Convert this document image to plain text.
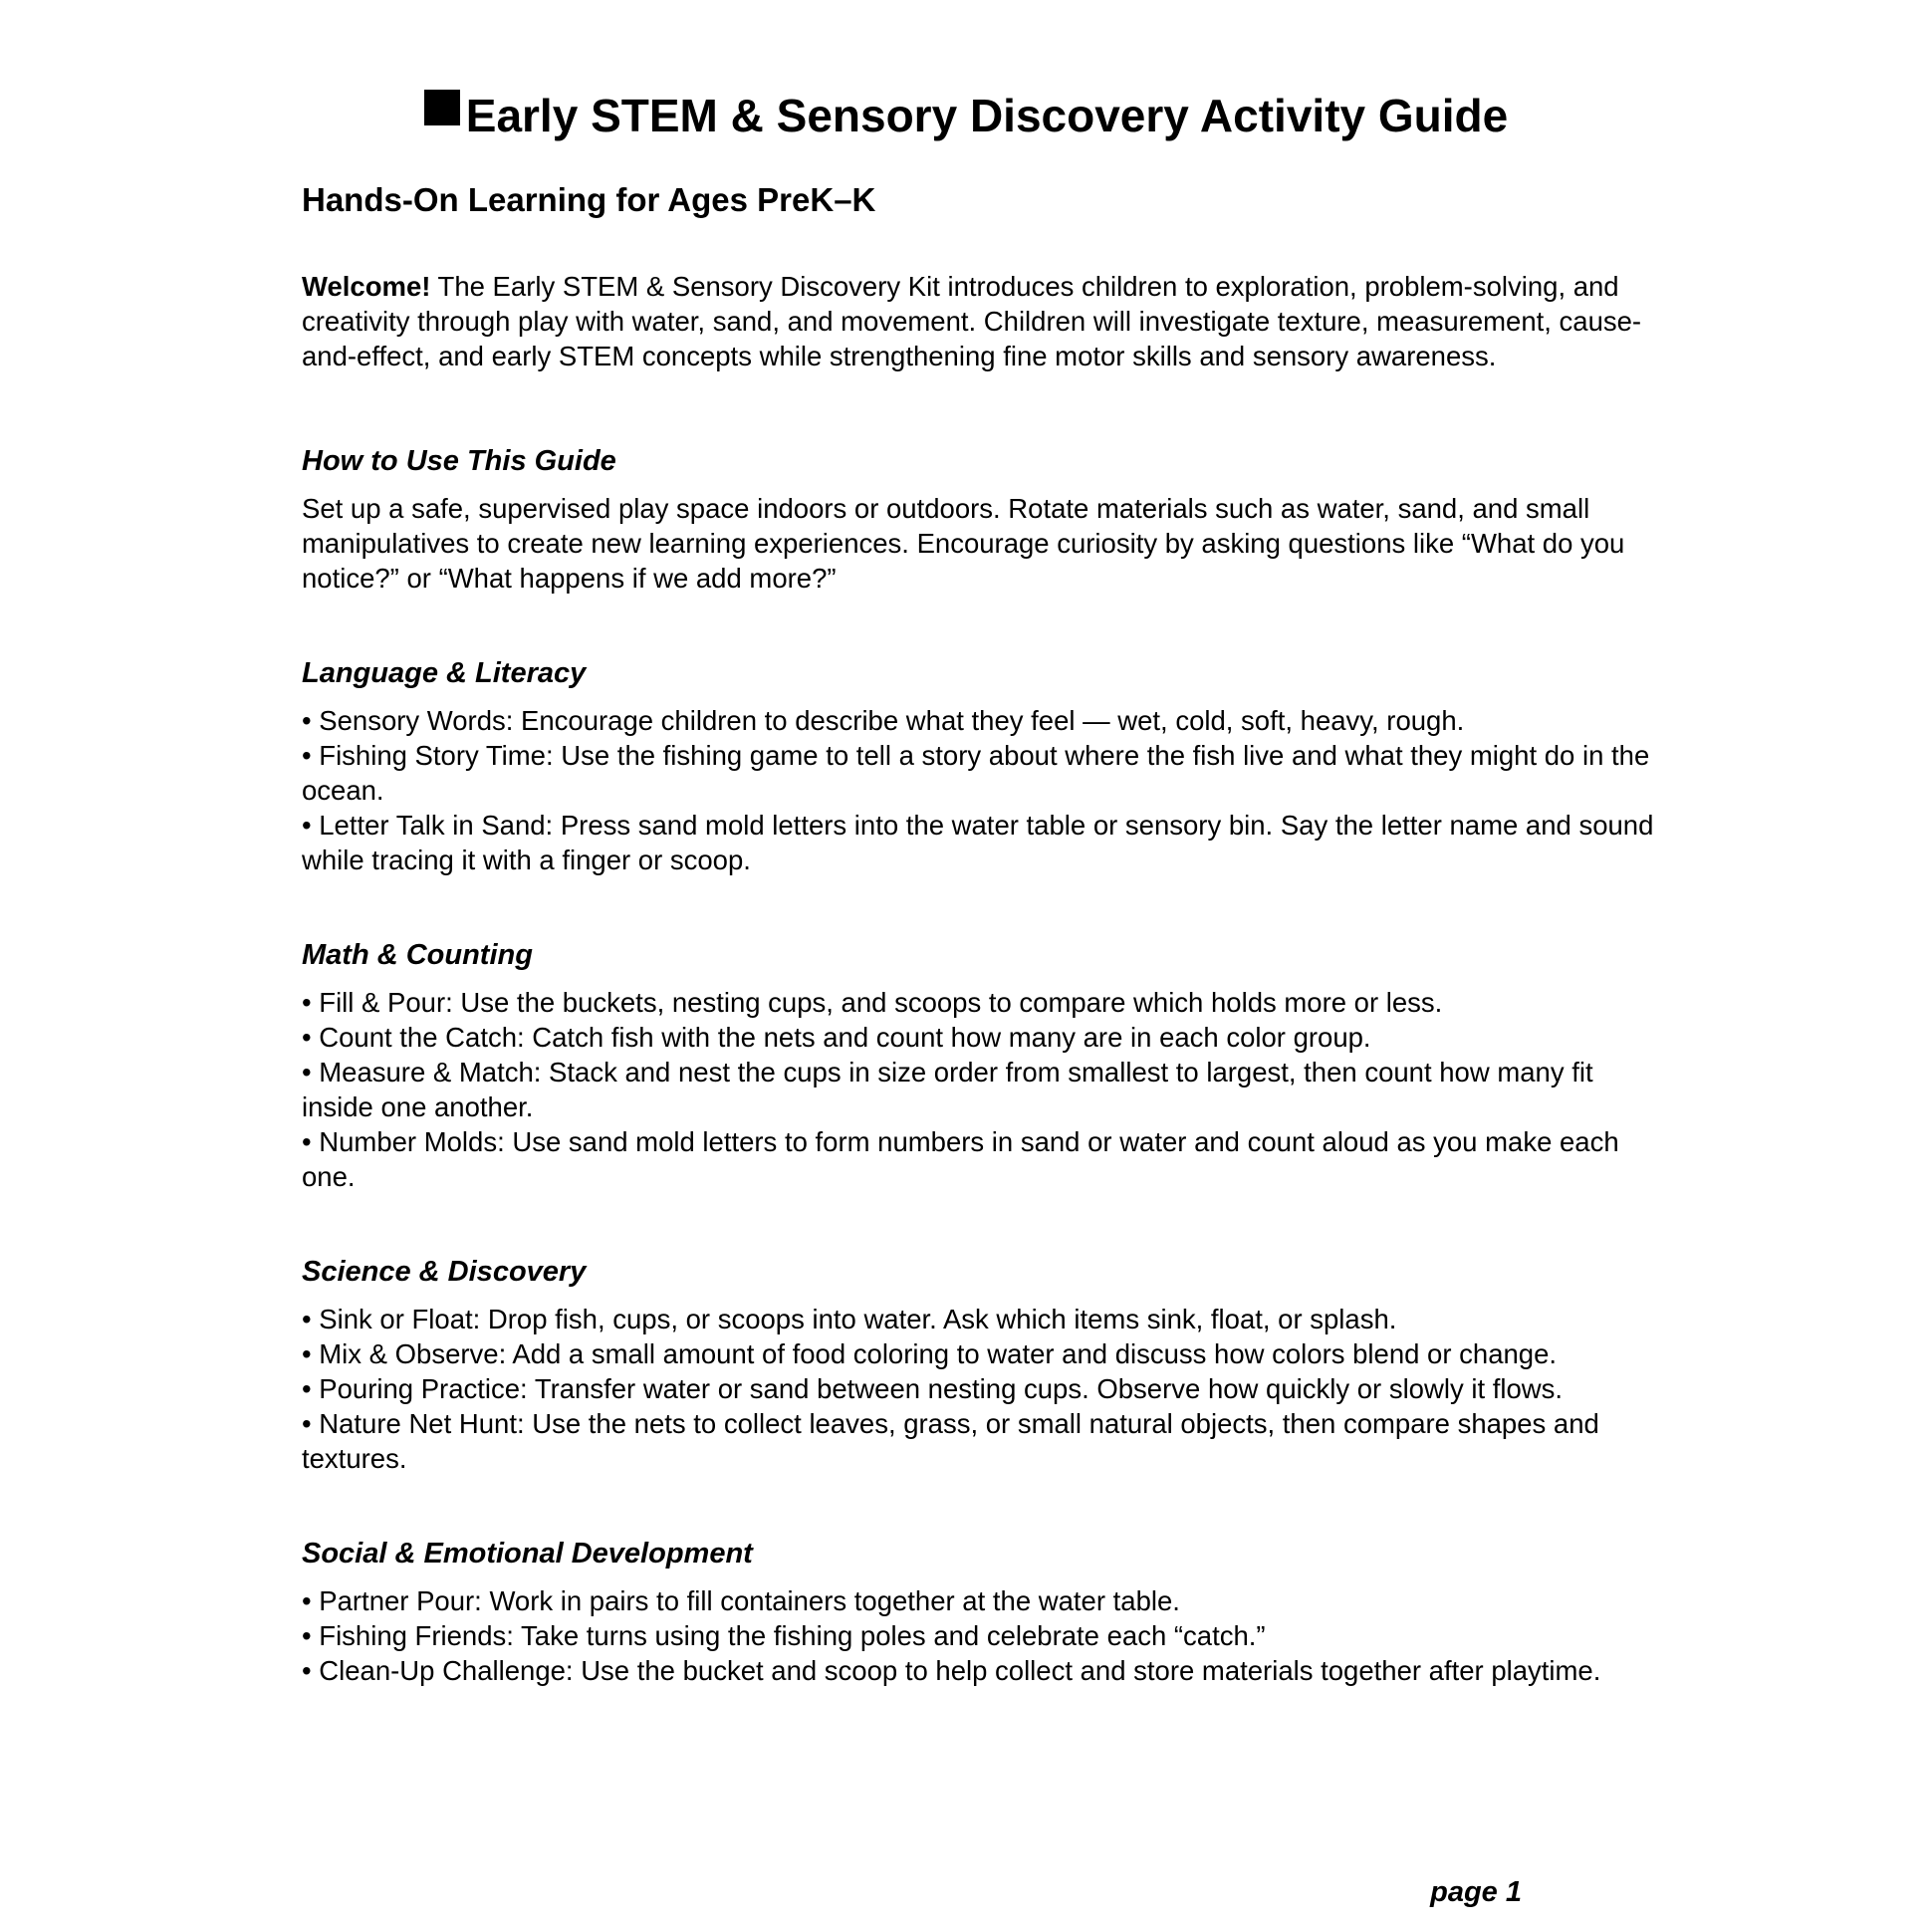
Early STEM & Sensory Discovery Activity Guide
Hands-On Learning for Ages PreK–K

Welcome! The Early STEM & Sensory Discovery Kit introduces children to exploration, problem-solving, and creativity through play with water, sand, and movement. Children will investigate texture, measurement, cause-and-effect, and early STEM concepts while strengthening fine motor skills and sensory awareness.

How to Use This Guide

Set up a safe, supervised play space indoors or outdoors. Rotate materials such as water, sand, and small manipulatives to create new learning experiences. Encourage curiosity by asking questions like “What do you notice?” or “What happens if we add more?”

Language & Literacy
• Sensory Words: Encourage children to describe what they feel — wet, cold, soft, heavy, rough.
• Fishing Story Time: Use the fishing game to tell a story about where the fish live and what they might do in the ocean.
• Letter Talk in Sand: Press sand mold letters into the water table or sensory bin. Say the letter name and sound while tracing it with a finger or scoop.
Math & Counting
• Fill & Pour: Use the buckets, nesting cups, and scoops to compare which holds more or less.
• Count the Catch: Catch fish with the nets and count how many are in each color group.
• Measure & Match: Stack and nest the cups in size order from smallest to largest, then count how many fit inside one another.
• Number Molds: Use sand mold letters to form numbers in sand or water and count aloud as you make each one.
Science & Discovery
• Sink or Float: Drop fish, cups, or scoops into water. Ask which items sink, float, or splash.
• Mix & Observe: Add a small amount of food coloring to water and discuss how colors blend or change.
• Pouring Practice: Transfer water or sand between nesting cups. Observe how quickly or slowly it flows.
• Nature Net Hunt: Use the nets to collect leaves, grass, or small natural objects, then compare shapes and textures.
Social & Emotional Development
• Partner Pour: Work in pairs to fill containers together at the water table.
• Fishing Friends: Take turns using the fishing poles and celebrate each “catch.”
• Clean-Up Challenge: Use the bucket and scoop to help collect and store materials together after playtime.

page 1
